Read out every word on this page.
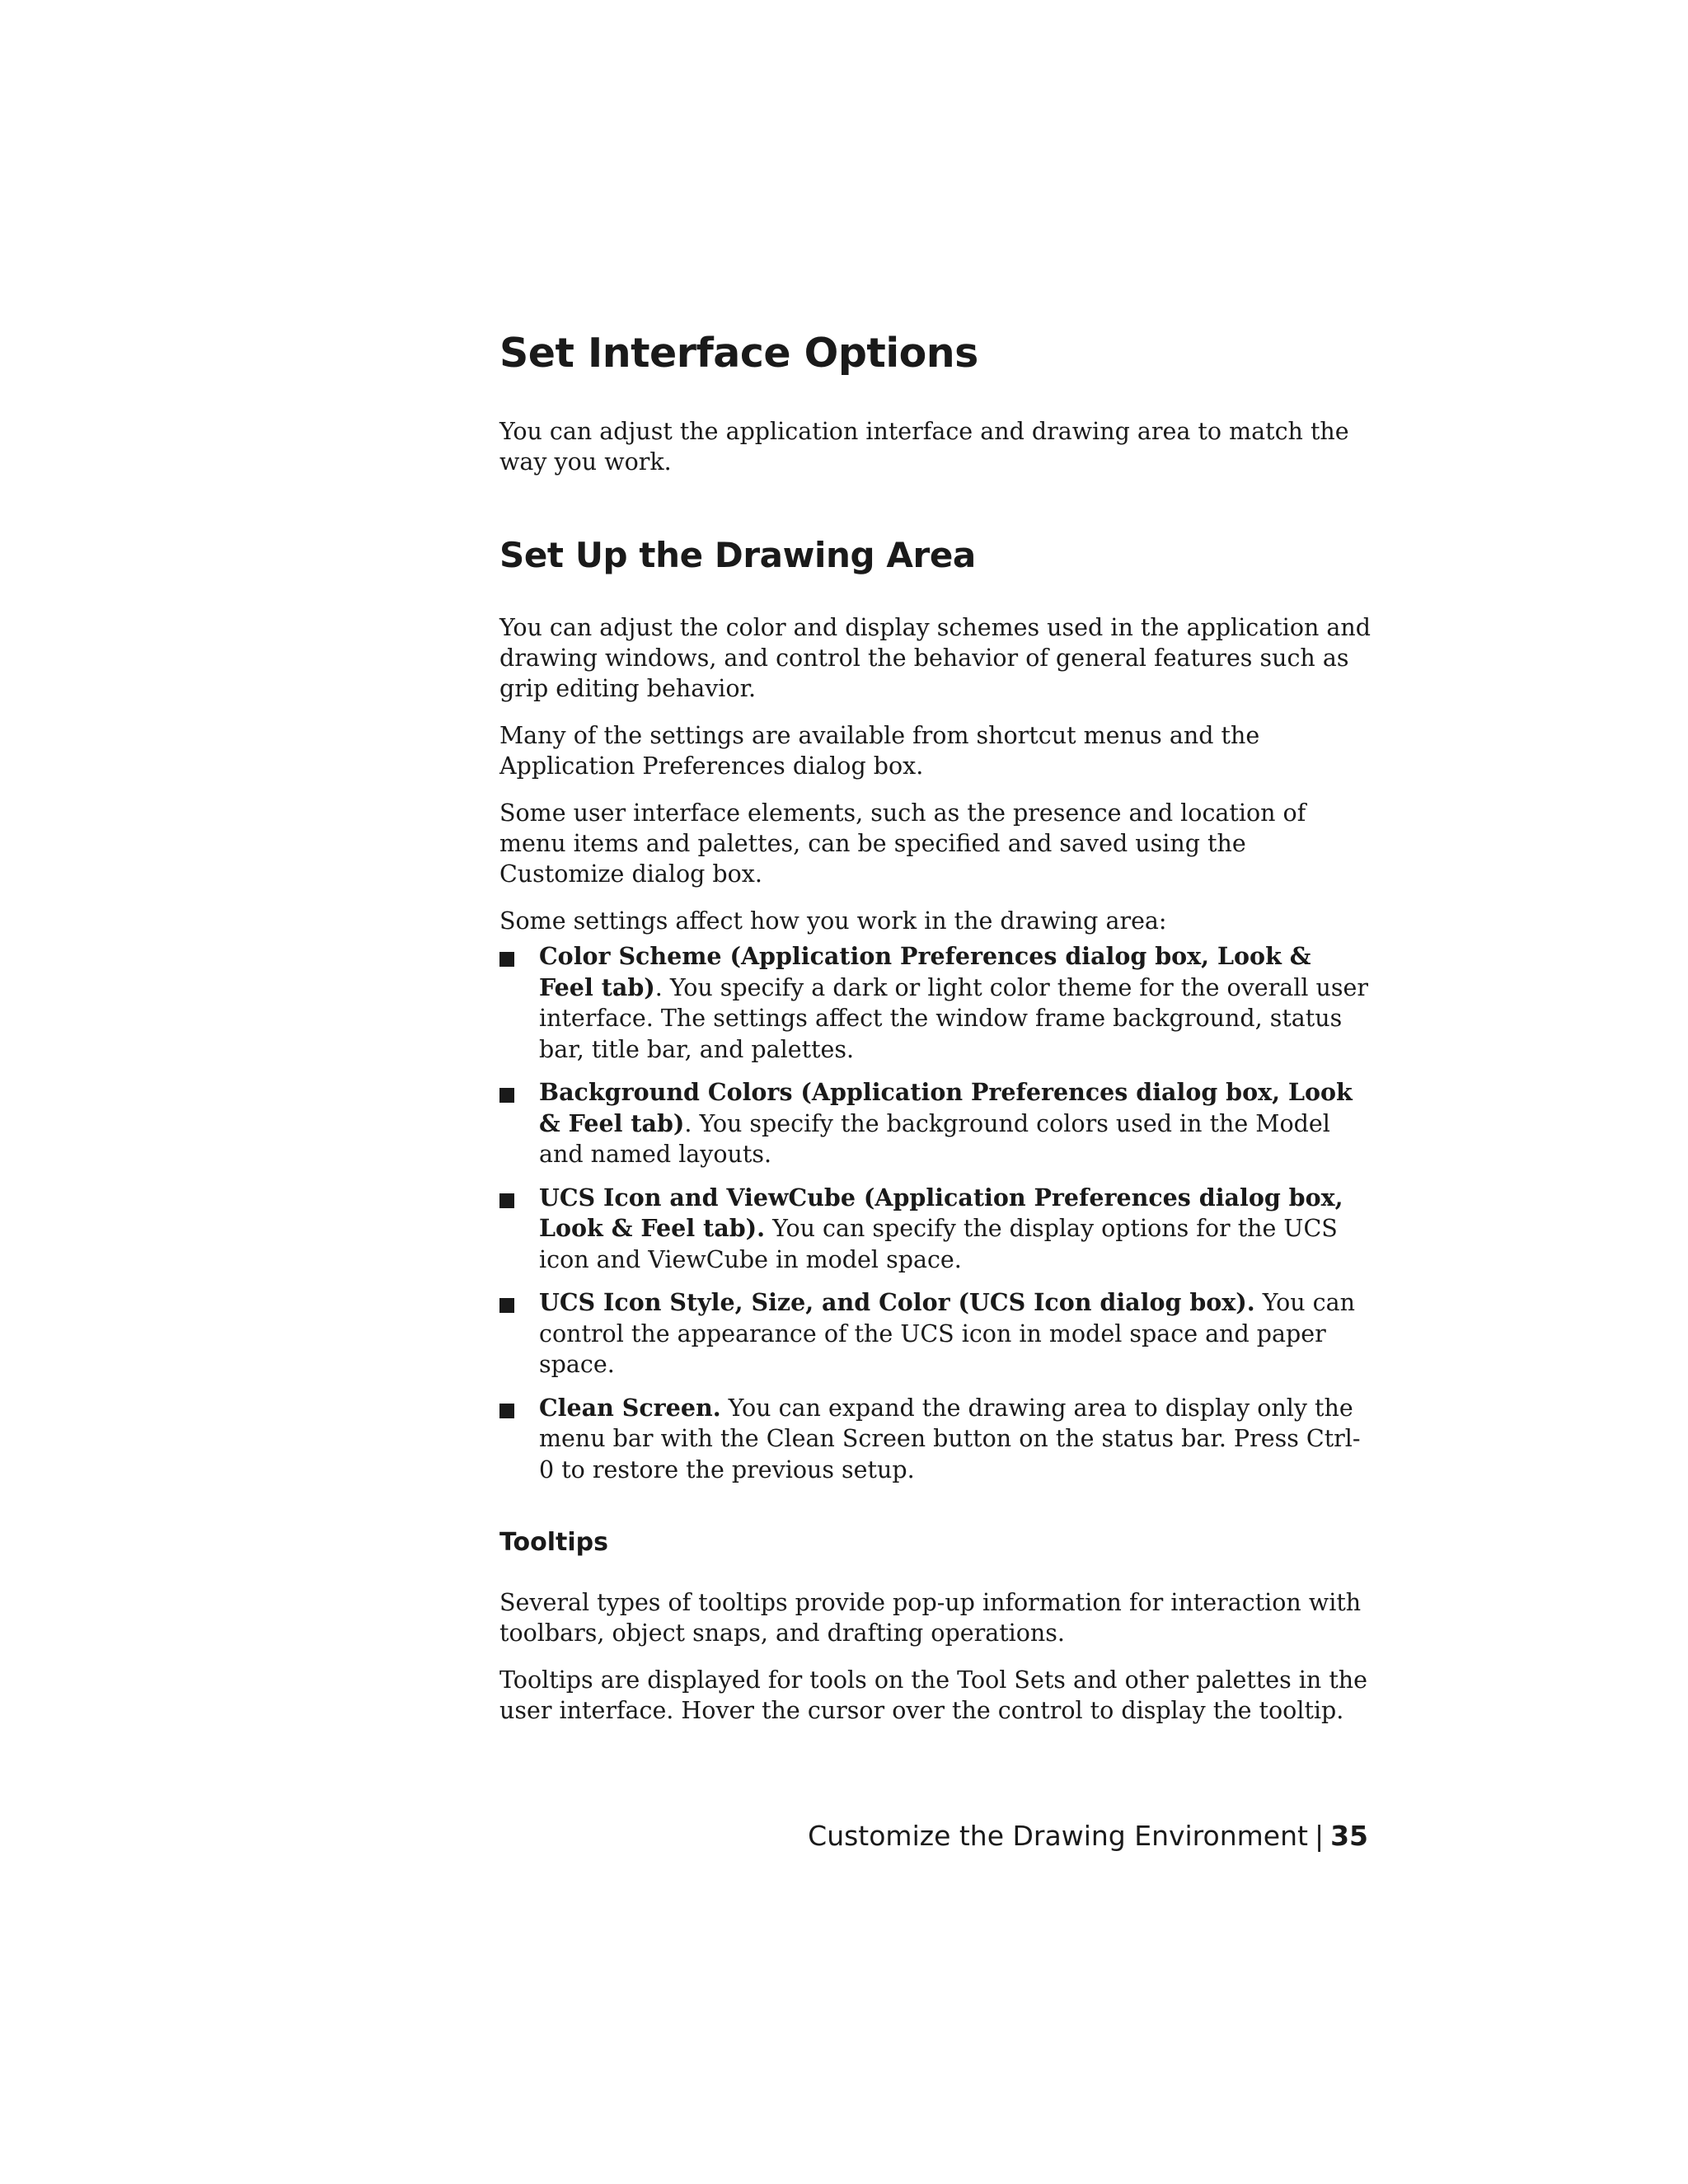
Set Interface Options

You can adjust the application interface and drawing area to match the way you work.

Set Up the Drawing Area

You can adjust the color and display schemes used in the application and drawing windows, and control the behavior of general features such as grip editing behavior.

Many of the settings are available from shortcut menus and the Application Preferences dialog box.

Some user interface elements, such as the presence and location of menu items and palettes, can be specified and saved using the Customize dialog box.

Some settings affect how you work in the drawing area:

Color Scheme (Application Preferences dialog box, Look & Feel tab). You specify a dark or light color theme for the overall user interface. The settings affect the window frame background, status bar, title bar, and palettes.
Background Colors (Application Preferences dialog box, Look & Feel tab). You specify the background colors used in the Model and named layouts.
UCS Icon and ViewCube (Application Preferences dialog box, Look & Feel tab). You can specify the display options for the UCS icon and ViewCube in model space.
UCS Icon Style, Size, and Color (UCS Icon dialog box). You can control the appearance of the UCS icon in model space and paper space.
Clean Screen. You can expand the drawing area to display only the menu bar with the Clean Screen button on the status bar. Press Ctrl-0 to restore the previous setup.
Tooltips

Several types of tooltips provide pop-up information for interaction with toolbars, object snaps, and drafting operations.

Tooltips are displayed for tools on the Tool Sets and other palettes in the user interface. Hover the cursor over the control to display the tooltip.

Customize the Drawing Environment | 35
